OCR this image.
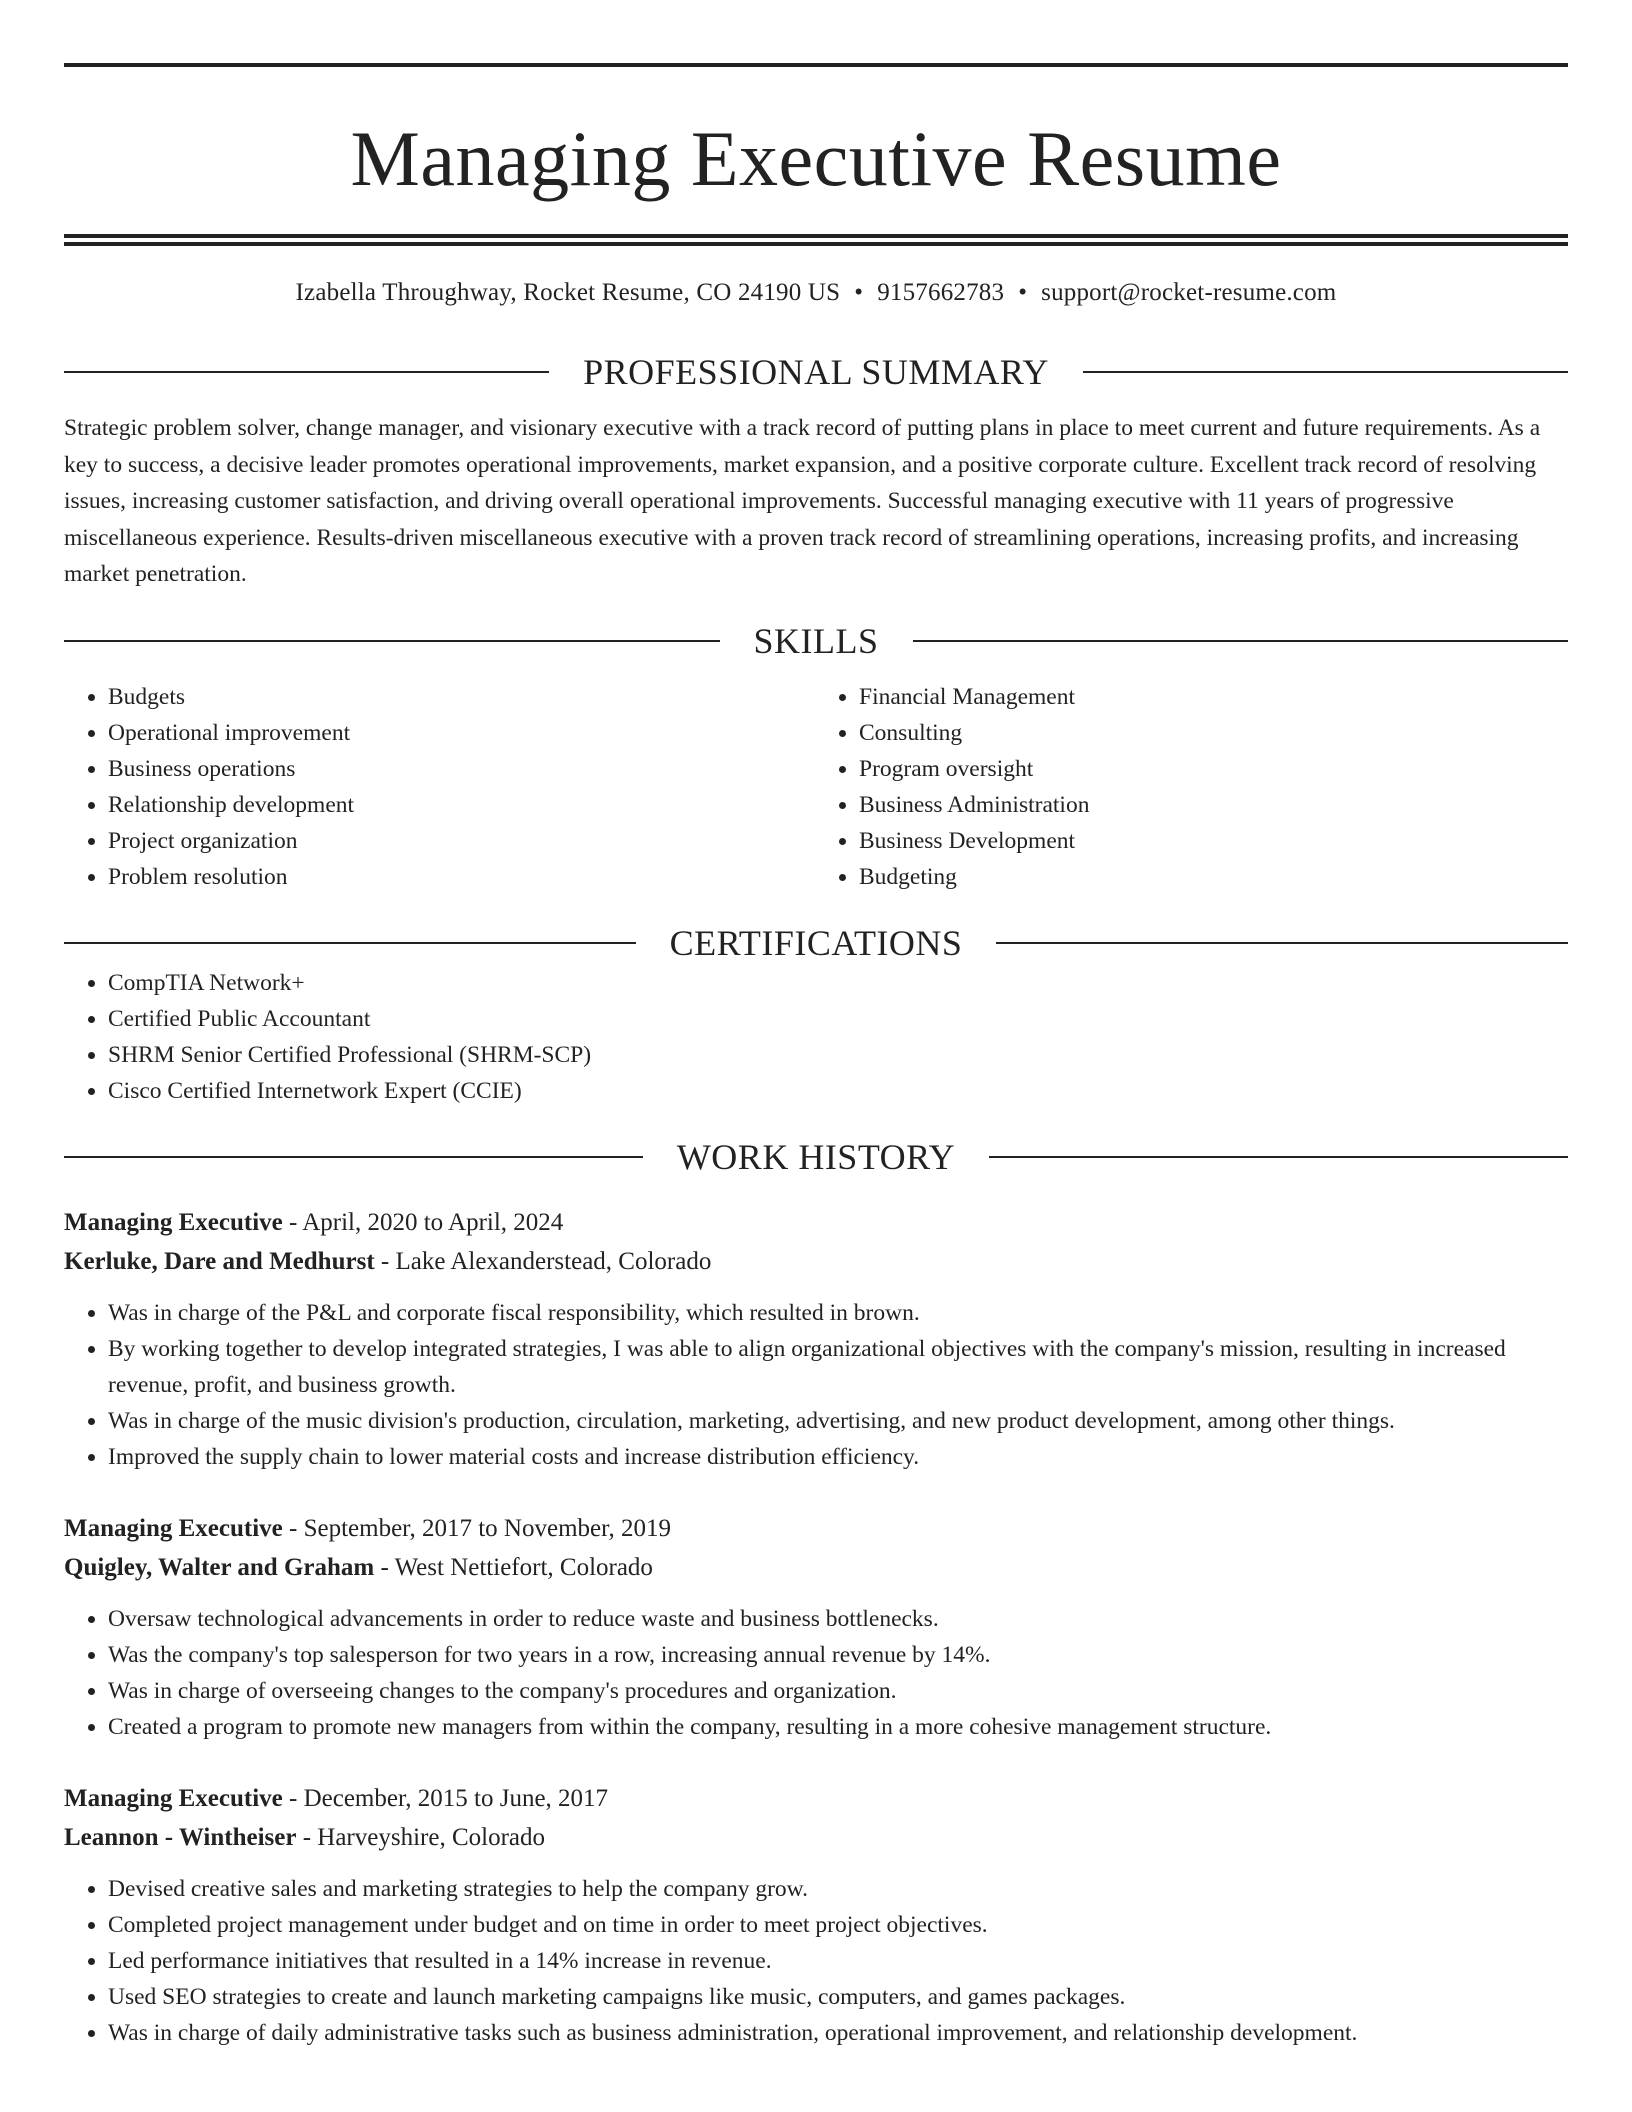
Managing Executive Resume
Izabella Throughway, Rocket Resume, CO 24190 US • 9157662783 • support@rocket-resume.com
PROFESSIONAL SUMMARY
Strategic problem solver, change manager, and visionary executive with a track record of putting plans in place to meet current and future requirements. As a key to success, a decisive leader promotes operational improvements, market expansion, and a positive corporate culture. Excellent track record of resolving issues, increasing customer satisfaction, and driving overall operational improvements. Successful managing executive with 11 years of progressive miscellaneous experience. Results-driven miscellaneous executive with a proven track record of streamlining operations, increasing profits, and increasing market penetration.
SKILLS
• Budgets
• Operational improvement
• Business operations
• Relationship development
• Project organization
• Problem resolution
• Financial Management
• Consulting
• Program oversight
• Business Administration
• Business Development
• Budgeting
CERTIFICATIONS
• CompTIA Network+
• Certified Public Accountant
• SHRM Senior Certified Professional (SHRM-SCP)
• Cisco Certified Internetwork Expert (CCIE)
WORK HISTORY
Managing Executive - April, 2020 to April, 2024
Kerluke, Dare and Medhurst - Lake Alexanderstead, Colorado
• Was in charge of the P&L and corporate fiscal responsibility, which resulted in brown.
• By working together to develop integrated strategies, I was able to align organizational objectives with the company's mission, resulting in increased revenue, profit, and business growth.
• Was in charge of the music division's production, circulation, marketing, advertising, and new product development, among other things.
• Improved the supply chain to lower material costs and increase distribution efficiency.
Managing Executive - September, 2017 to November, 2019
Quigley, Walter and Graham - West Nettiefort, Colorado
• Oversaw technological advancements in order to reduce waste and business bottlenecks.
• Was the company's top salesperson for two years in a row, increasing annual revenue by 14%.
• Was in charge of overseeing changes to the company's procedures and organization.
• Created a program to promote new managers from within the company, resulting in a more cohesive management structure.
Managing Executive - December, 2015 to June, 2017
Leannon - Wintheiser - Harveyshire, Colorado
• Devised creative sales and marketing strategies to help the company grow.
• Completed project management under budget and on time in order to meet project objectives.
• Led performance initiatives that resulted in a 14% increase in revenue.
• Used SEO strategies to create and launch marketing campaigns like music, computers, and games packages.
• Was in charge of daily administrative tasks such as business administration, operational improvement, and relationship development.
